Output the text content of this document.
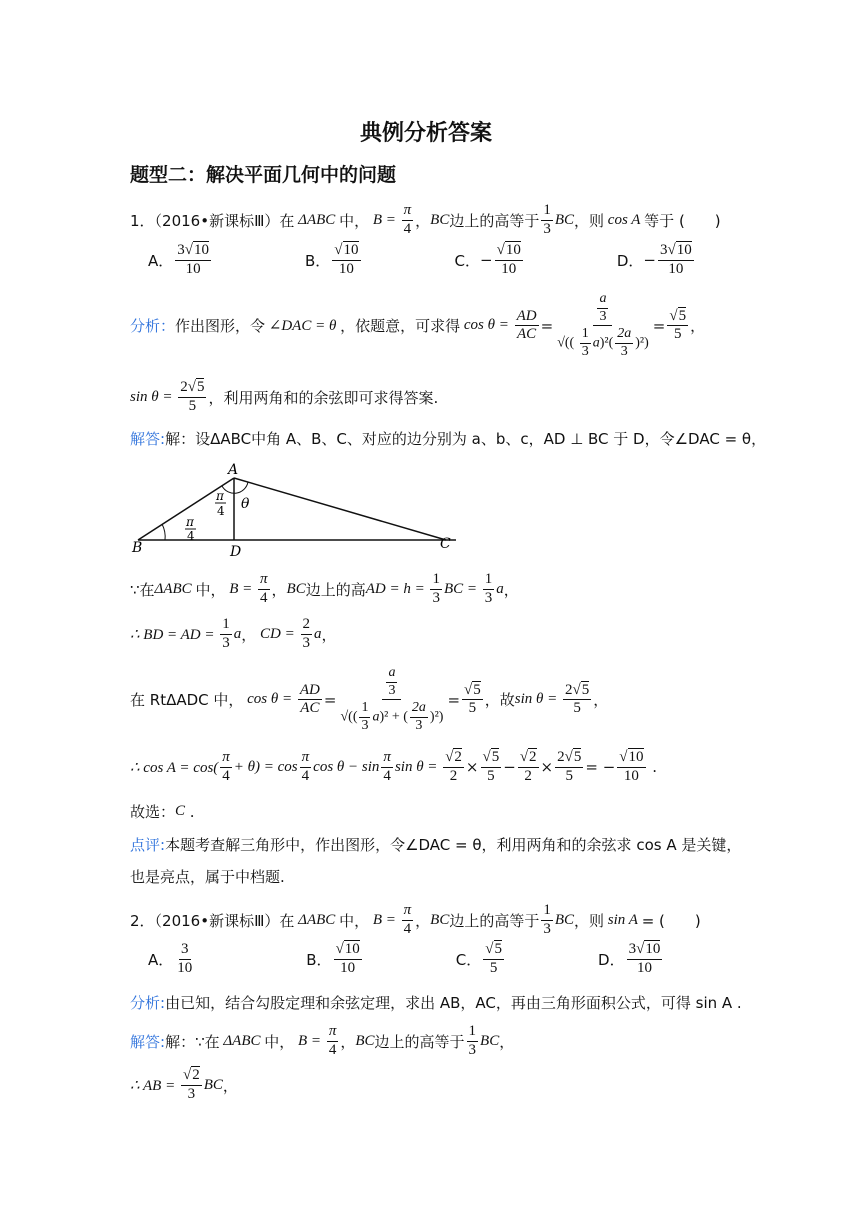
典例分析答案
题型二：解决平面几何中的问题
1．（2016•新课标Ⅲ）在 ΔABC 中， $B = \frac{\pi}{4}$ ， BC 边上的高等于 $\frac{1}{3}$ BC ，则 cos A 等于 (　　)
A． $\frac{3√10}{10}$	B． $\frac{√10}{10}$	C． − $\frac{√10}{10}$	D． − $\frac{3√10}{10}$
分析： 作出图形，令 ∠DAC = θ ，依题意，可求得 $\cos \theta = \frac{AD}{AC} = \frac{\frac{a}{3}}{√(( \frac{1}{3} a)^2( \frac{2a}{3} )^2)} = \frac{√5}{5}$ ，
$\sin \theta = \frac{2√5}{5}$ ，利用两角和的余弦即可求得答案.
解答: 解：设ΔABC中角 A、B、C、对应的边分别为 a、b、c，AD ⊥ BC 于 D，令∠DAC = θ，
A
B	C
D
θ
π
4
π
4
∵在 ΔABC 中， $B = \frac{\pi}{4}$ ， BC 边上的高 AD = $h = \frac{1}{3}$ BC = $\frac{1}{3}$ a ，
∴ BD = AD = $\frac{1}{3}$ a ， CD = $\frac{2}{3}$ a ，
在 RtΔADC 中， $\cos \theta = \frac{AD}{AC} = \frac{\frac{a}{3}}{√(( \frac{1}{3} a)^2 + ( \frac{2a}{3} )^2)} = \frac{√5}{5}$ ，故 $\sin \theta = \frac{2√5}{5}$ ，
∴ $\cos A = \cos( \frac{\pi}{4} + \theta) = \cos \frac{\pi}{4}$ $\cos \theta - \sin \frac{\pi}{4}$ $\sin \theta = \frac{√2}{2} \times \frac{√5}{5} - \frac{√2}{2} \times \frac{2√5}{5}$ = − $\frac{√10}{10}$ .
故选： C .
点评: 本题考查解三角形中，作出图形，令∠DAC = θ，利用两角和的余弦求 cos A 是关键，
也是亮点，属于中档题.
2．（2016•新课标Ⅲ）在 ΔABC 中， $B = \frac{\pi}{4}$ ， BC 边上的高等于 $\frac{1}{3}$ BC ，则 sin A = (　　)
A． $\frac{3}{10}$	B． $\frac{√10}{10}$	C． $\frac{√5}{5}$	D． $\frac{3√10}{10}$
分析: 由已知，结合勾股定理和余弦定理，求出 AB，AC，再由三角形面积公式，可得 sin A .
解答: 解：∵在 ΔABC 中， $B = \frac{\pi}{4}$ ， BC 边上的高等于 $\frac{1}{3}$ BC ，
∴ AB = $\frac{√2}{3}$ BC ，
